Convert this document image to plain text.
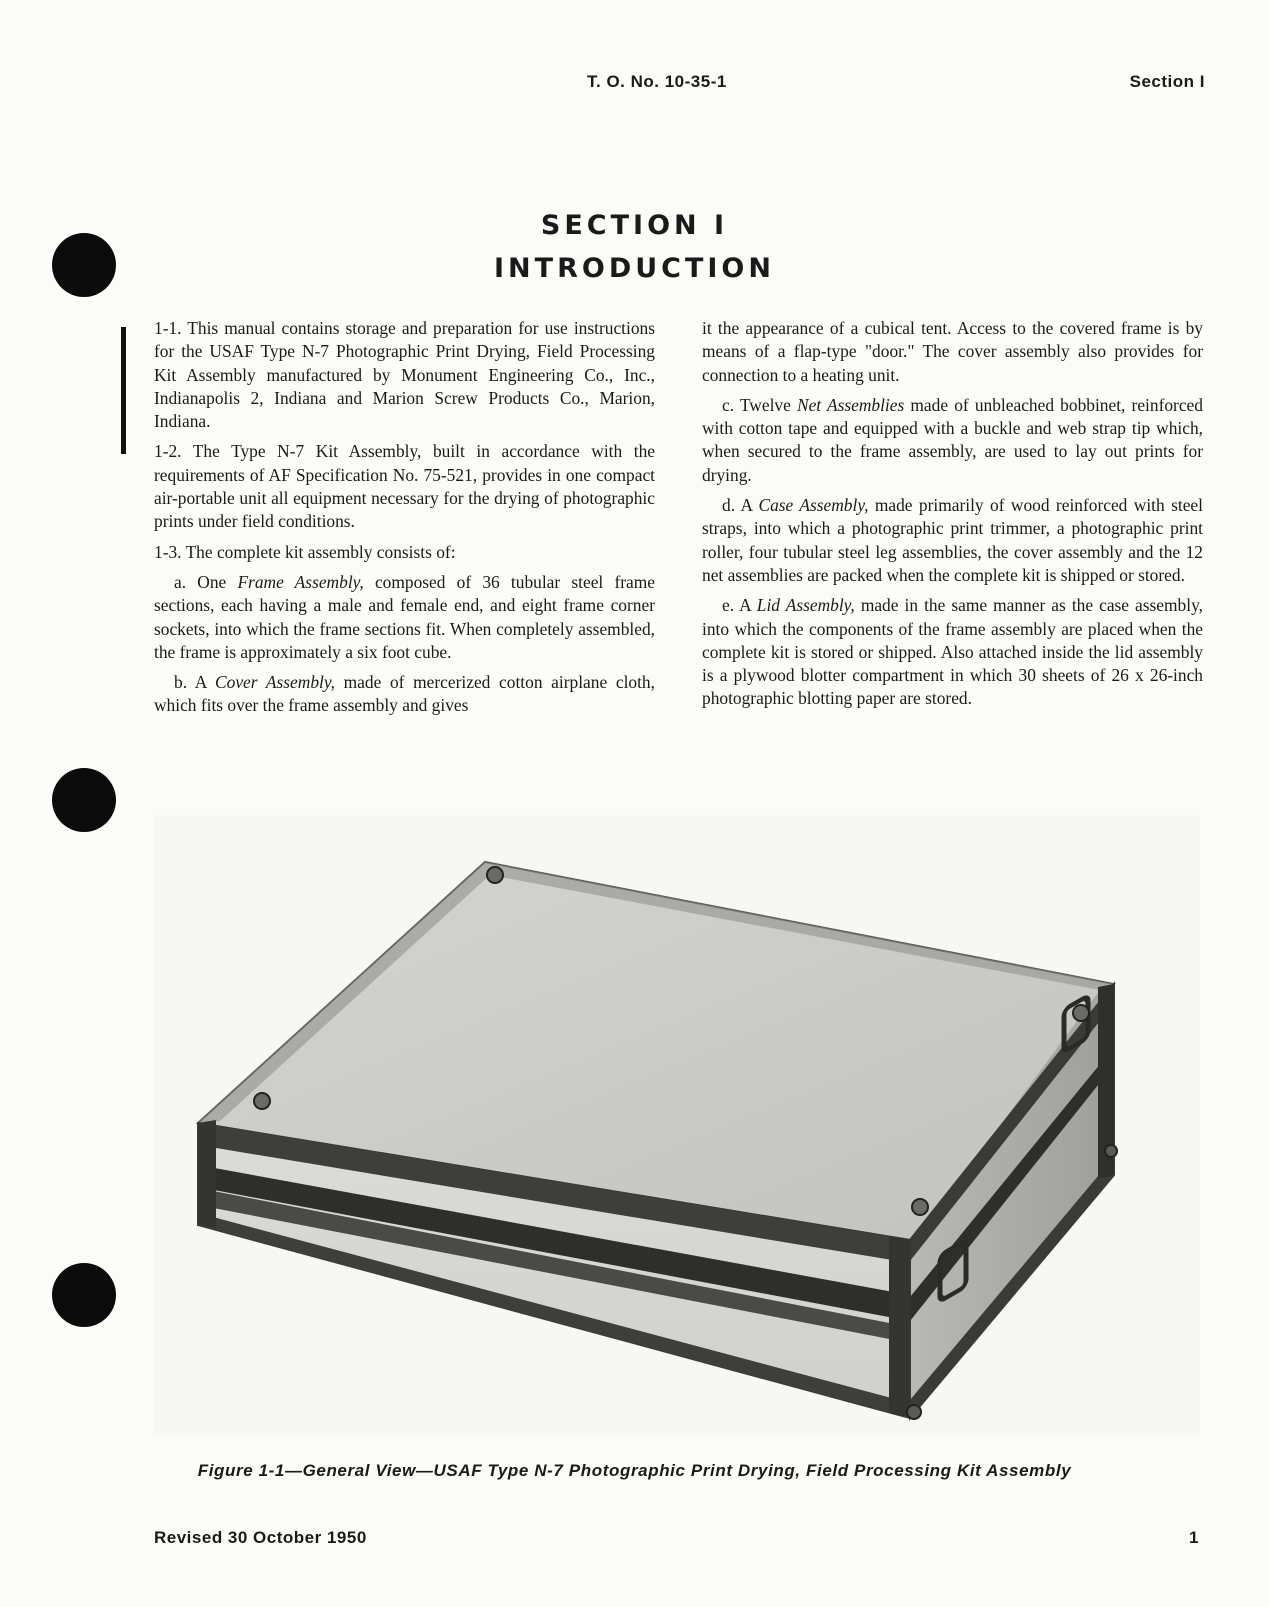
T. O. No. 10-35-1	Section I
SECTION I
INTRODUCTION

1-1. This manual contains storage and preparation for use instructions for the USAF Type N-7 Photographic Print Drying, Field Processing Kit Assembly manufactured by Monument Engineering Co., Inc., Indianapolis 2, Indiana and Marion Screw Products Co., Marion, Indiana.

1-2. The Type N-7 Kit Assembly, built in accordance with the requirements of AF Specification No. 75-521, provides in one compact air-portable unit all equipment necessary for the drying of photographic prints under field conditions.

1-3. The complete kit assembly consists of:

a. One Frame Assembly, composed of 36 tubular steel frame sections, each having a male and female end, and eight frame corner sockets, into which the frame sections fit. When completely assembled, the frame is approximately a six foot cube.

b. A Cover Assembly, made of mercerized cotton airplane cloth, which fits over the frame assembly and gives

it the appearance of a cubical tent. Access to the covered frame is by means of a flap-type "door." The cover assembly also provides for connection to a heating unit.

c. Twelve Net Assemblies made of unbleached bobbinet, reinforced with cotton tape and equipped with a buckle and web strap tip which, when secured to the frame assembly, are used to lay out prints for drying.

d. A Case Assembly, made primarily of wood reinforced with steel straps, into which a photographic print trimmer, a photographic print roller, four tubular steel leg assemblies, the cover assembly and the 12 net assemblies are packed when the complete kit is shipped or stored.

e. A Lid Assembly, made in the same manner as the case assembly, into which the components of the frame assembly are placed when the complete kit is stored or shipped. Also attached inside the lid assembly is a plywood blotter compartment in which 30 sheets of 26 x 26-inch photographic blotting paper are stored.

Figure 1-1—General View—USAF Type N-7 Photographic Print Drying, Field Processing Kit Assembly
Revised 30 October 1950	1
